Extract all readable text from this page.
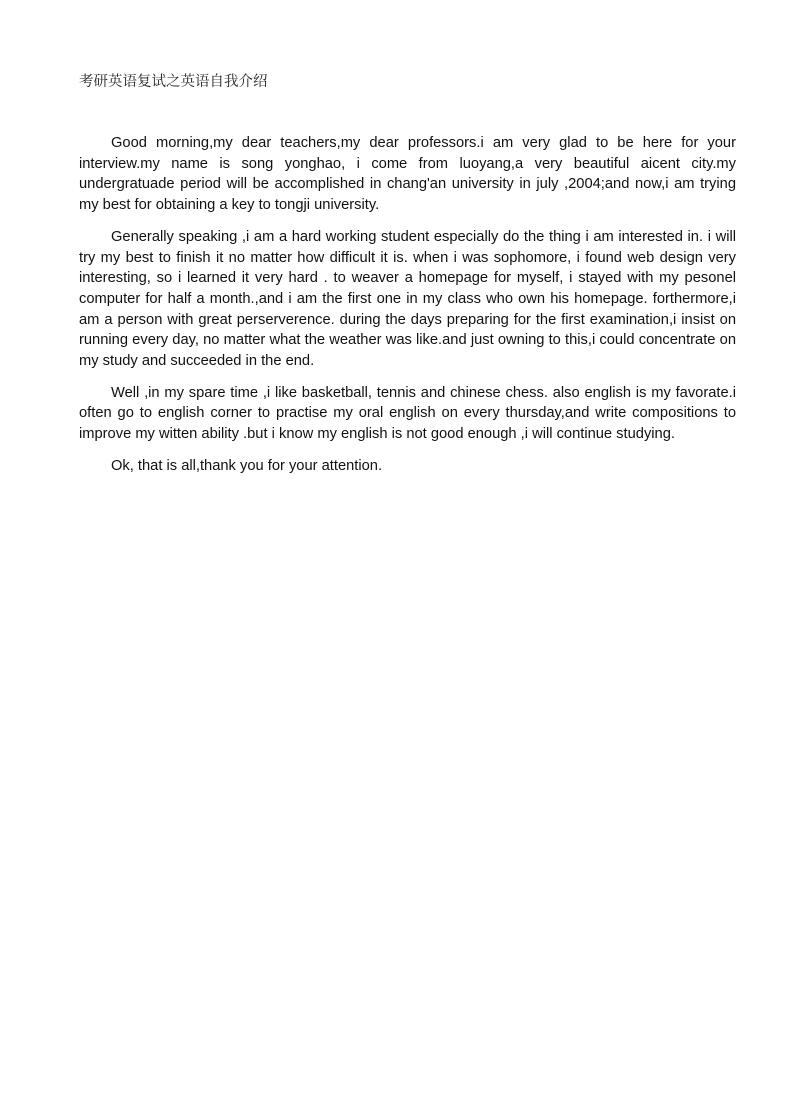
考研英语复试之英语自我介绍

Good morning,my dear teachers,my dear professors.i am very glad to be here for your interview.my name is song yonghao, i come from luoyang,a very beautiful aicent city.my undergratuade period will be accomplished in chang'an university in july ,2004;and now,i am trying my best for obtaining a key to tongji university.

Generally speaking ,i am a hard working student especially do the thing i am interested in. i will try my best to finish it no matter how difficult it is. when i was sophomore, i found web design very interesting, so i learned it very hard . to weaver a homepage for myself, i stayed with my pesonel computer for half a month.,and i am the first one in my class who own his homepage. forthermore,i am a person with great perserverence. during the days preparing for the first examination,i insist on running every day, no matter what the weather was like.and just owning to this,i could concentrate on my study and succeeded in the end.

Well ,in my spare time ,i like basketball, tennis and chinese chess. also english is my favorate.i often go to english corner to practise my oral english on every thursday,and write compositions to improve my witten ability .but i know my english is not good enough ,i will continue studying.

Ok, that is all,thank you for your attention.
